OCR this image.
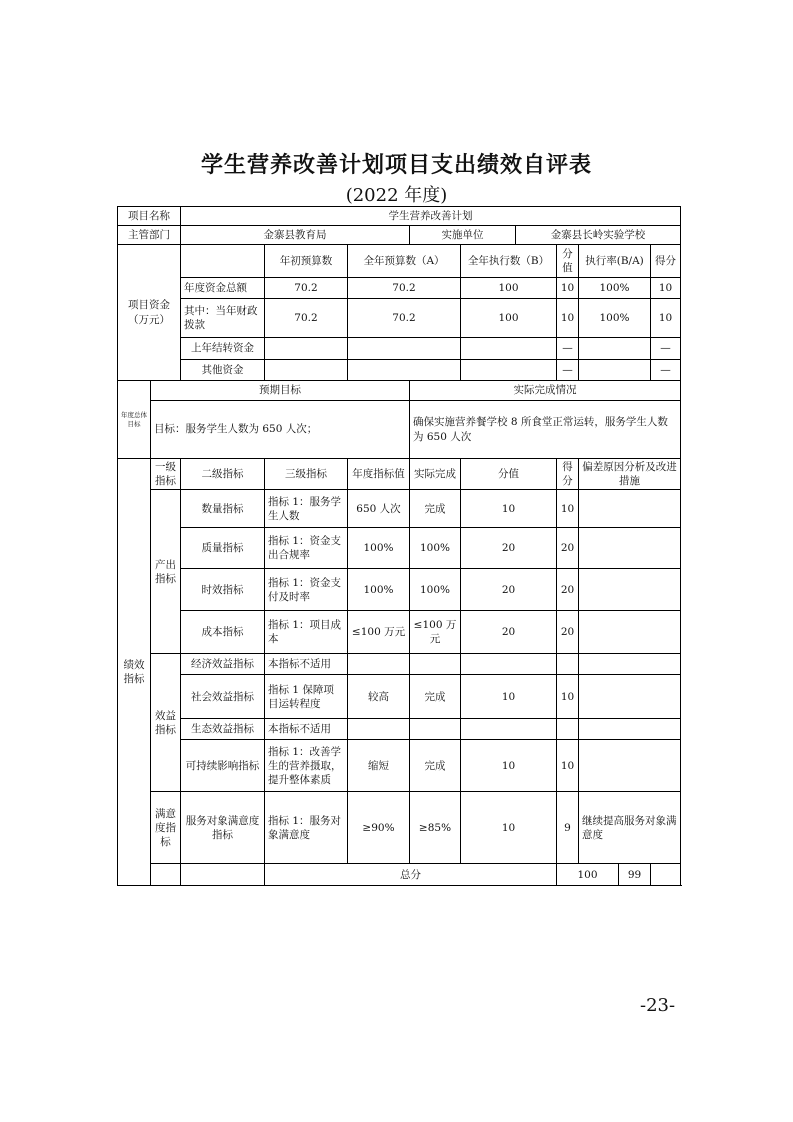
学生营养改善计划项目支出绩效自评表
(2022 年度)
项目名称		学生营养改善计划									
主管部门		金寨县教育局			实施单位		金寨县长岭实验学校				
项目资金（万元）			年初预算数	全年预算数（A）		全年执行数（B）		分值	执行率(B/A)		得分
		年度资金总额	70.2	70.2		100		10	100%		10
		其中：当年财政拨款	70.2	70.2		100		10	100%		10
		上年结转资金						—			—
		其他资金						—			—
年度总体目标	预期目标				实际完成情况						
	目标：服务学生人数为 650 人次；				确保实施营养餐学校 8 所食堂正常运转，服务学生人数为 650 人次						
绩效指标	一级指标	二级指标	三级指标	年度指标值	实际完成	分值		得分	偏差原因分析及改进措施		
	产出指标	数量指标	指标 1：服务学生人数	650 人次	完成	10		10			
		质量指标	指标 1：资金支出合规率	100%	100%	20		20			
		时效指标	指标 1：资金支付及时率	100%	100%	20		20			
		成本指标	指标 1：项目成本	≤100 万元	≤100 万元	20		20			
	效益指标	经济效益指标	本指标不适用								
		社会效益指标	指标 1 保障项目运转程度	较高	完成	10		10			
		生态效益指标	本指标不适用								
		可持续影响指标	指标 1：改善学生的营养摄取，提升整体素质	缩短	完成	10		10			
	满意度指标	服务对象满意度指标	指标 1：服务对象满意度	≥90%	≥85%	10		9	继续提高服务对象满意度		
			总分					100		99	
-23-
